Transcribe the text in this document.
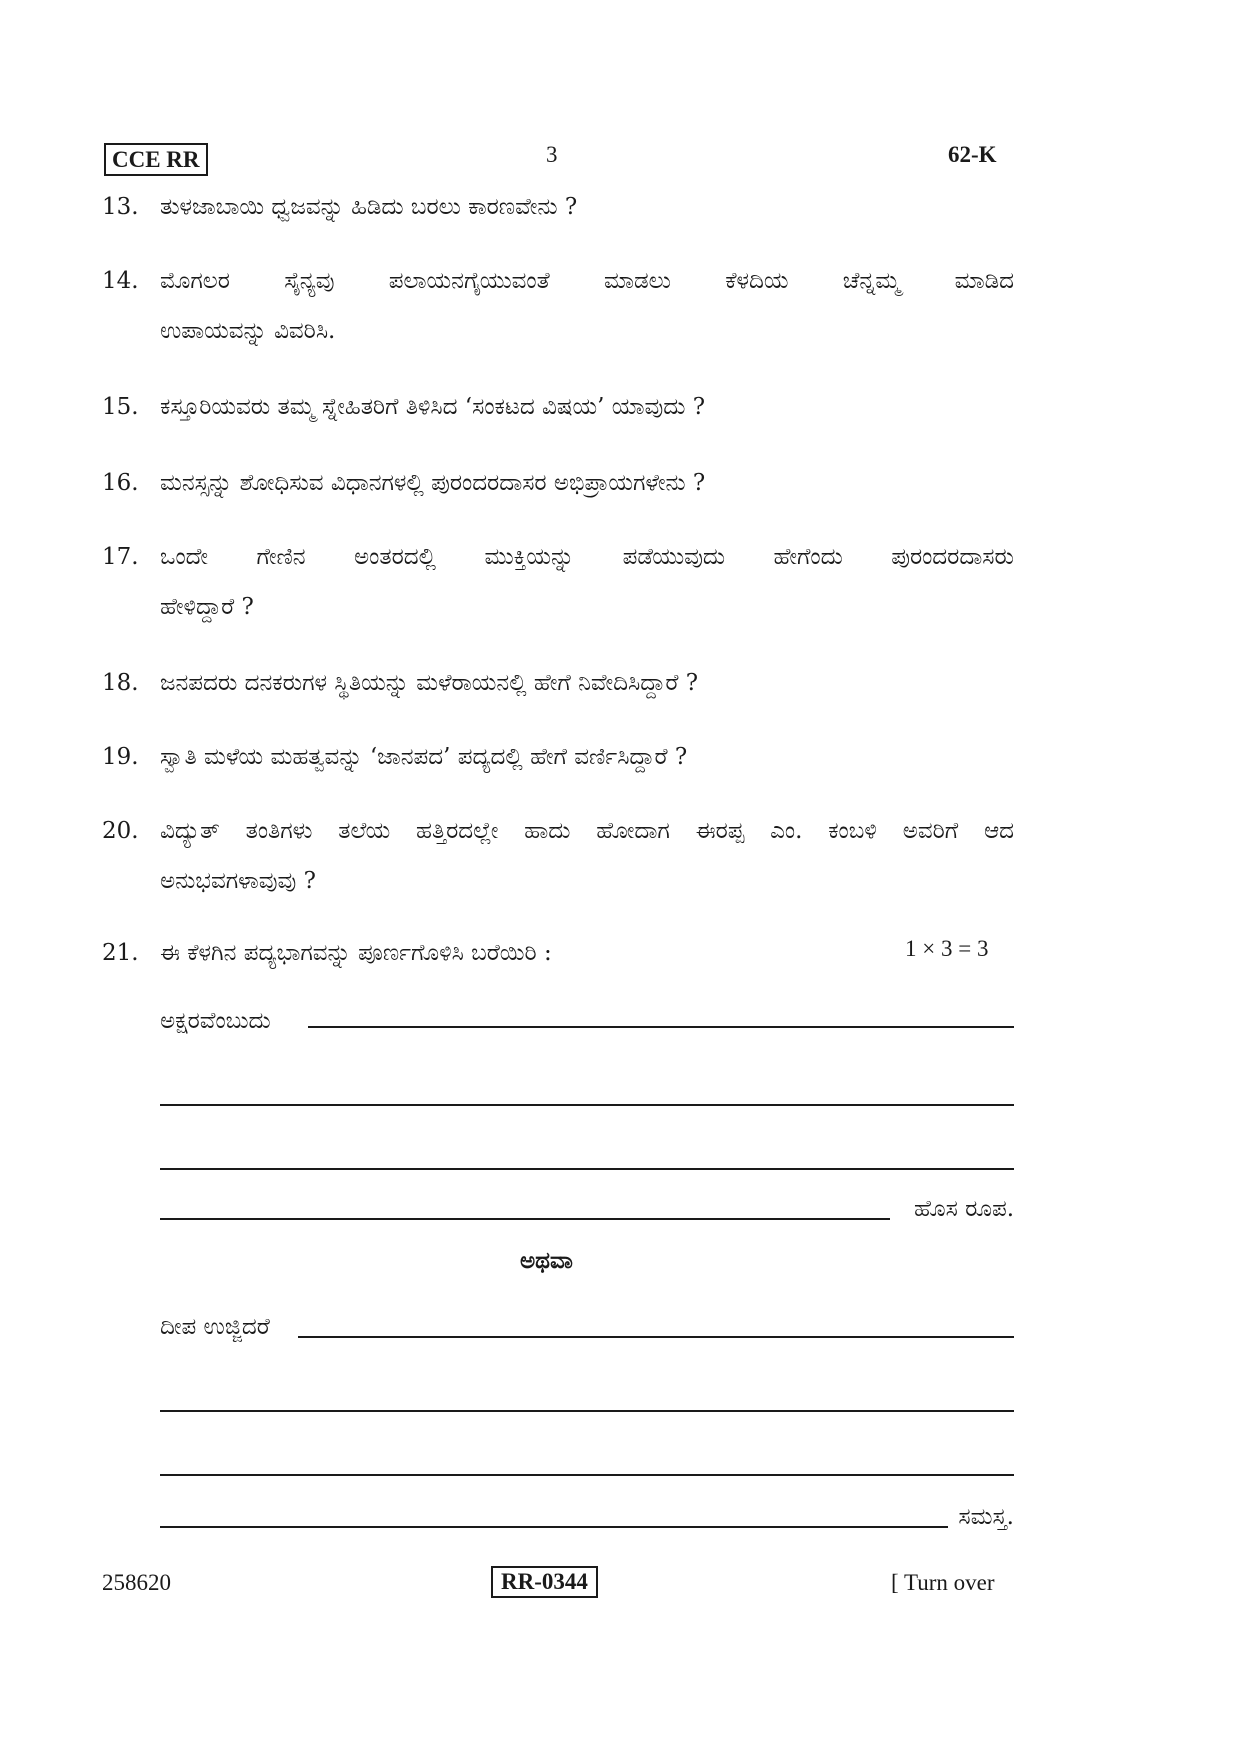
CCE RR	3	62-K
13. ತುಳಜಾಬಾಯಿ ಧ್ವಜವನ್ನು ಹಿಡಿದು ಬರಲು ಕಾರಣವೇನು ?
14. ಮೊಗಲರ ಸೈನ್ಯವು ಪಲಾಯನಗೈಯುವಂತೆ ಮಾಡಲು ಕೆಳದಿಯ ಚೆನ್ನಮ್ಮ ಮಾಡಿದ
ಉಪಾಯವನ್ನು ವಿವರಿಸಿ.
15. ಕಸ್ತೂರಿಯವರು ತಮ್ಮ ಸ್ನೇಹಿತರಿಗೆ ತಿಳಿಸಿದ ‘ಸಂಕಟದ ವಿಷಯ’ ಯಾವುದು ?
16. ಮನಸ್ಸನ್ನು ಶೋಧಿಸುವ ವಿಧಾನಗಳಲ್ಲಿ ಪುರಂದರದಾಸರ ಅಭಿಪ್ರಾಯಗಳೇನು ?
17. ಒಂದೇ ಗೇಣಿನ ಅಂತರದಲ್ಲಿ ಮುಕ್ತಿಯನ್ನು ಪಡೆಯುವುದು ಹೇಗೆಂದು ಪುರಂದರದಾಸರು
ಹೇಳಿದ್ದಾರೆ ?
18. ಜನಪದರು ದನಕರುಗಳ ಸ್ಥಿತಿಯನ್ನು ಮಳೆರಾಯನಲ್ಲಿ ಹೇಗೆ ನಿವೇದಿಸಿದ್ದಾರೆ ?
19. ಸ್ವಾತಿ ಮಳೆಯ ಮಹತ್ವವನ್ನು ‘ಜಾನಪದ’ ಪದ್ಯದಲ್ಲಿ ಹೇಗೆ ವರ್ಣಿಸಿದ್ದಾರೆ ?
20. ವಿದ್ಯುತ್ ತಂತಿಗಳು ತಲೆಯ ಹತ್ತಿರದಲ್ಲೇ ಹಾದು ಹೋದಾಗ ಈರಪ್ಪ ಎಂ. ಕಂಬಳಿ ಅವರಿಗೆ ಆದ
ಅನುಭವಗಳಾವುವು ?
21. ಈ ಕೆಳಗಿನ ಪದ್ಯಭಾಗವನ್ನು ಪೂರ್ಣಗೊಳಿಸಿ ಬರೆಯಿರಿ :	1 × 3 = 3
ಅಕ್ಷರವೆಂಬುದು
ಹೊಸ ರೂಪ.
ಅಥವಾ
ದೀಪ ಉಜ್ಜಿದರೆ
ಸಮಸ್ತ.
258620	RR-0344	[ Turn over
